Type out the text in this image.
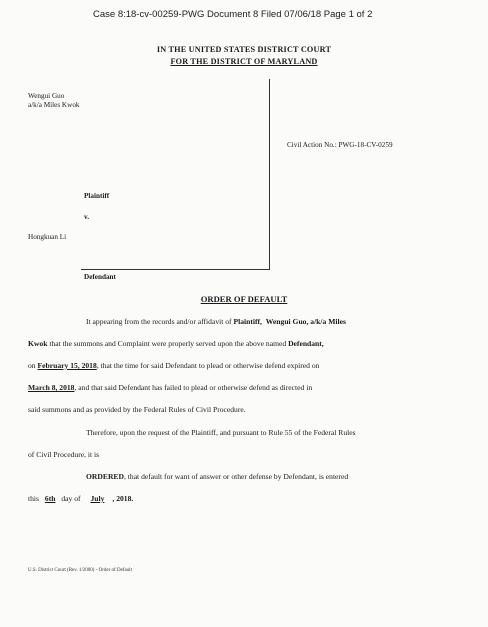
Case 8:18-cv-00259-PWG Document 8 Filed 07/06/18 Page 1 of 2
IN THE UNITED STATES DISTRICT COURT
FOR THE DISTRICT OF MARYLAND
Wengui Guo
a/k/a Miles Kwok
Civil Action No.: PWG-18-CV-0259
Plaintiff
v.
Hongkuan Li
Defendant
ORDER OF DEFAULT
It appearing from the records and/or affidavit of Plaintiff, Wengui Guo, a/k/a Miles
Kwok that the summons and Complaint were properly served upon the above named Defendant,
on February 15, 2018, that the time for said Defendant to plead or otherwise defend expired on
March 8, 2018, and that said Defendant has failed to plead or otherwise defend as directed in
said summons and as provided by the Federal Rules of Civil Procedure.
Therefore, upon the request of the Plaintiff, and pursuant to Rule 55 of the Federal Rules
of Civil Procedure, it is
ORDERED, that default for want of answer or other defense by Defendant, is entered
this 6th day of July , 2018.
U.S. District Court (Rev. 1/2000) - Order of Default
